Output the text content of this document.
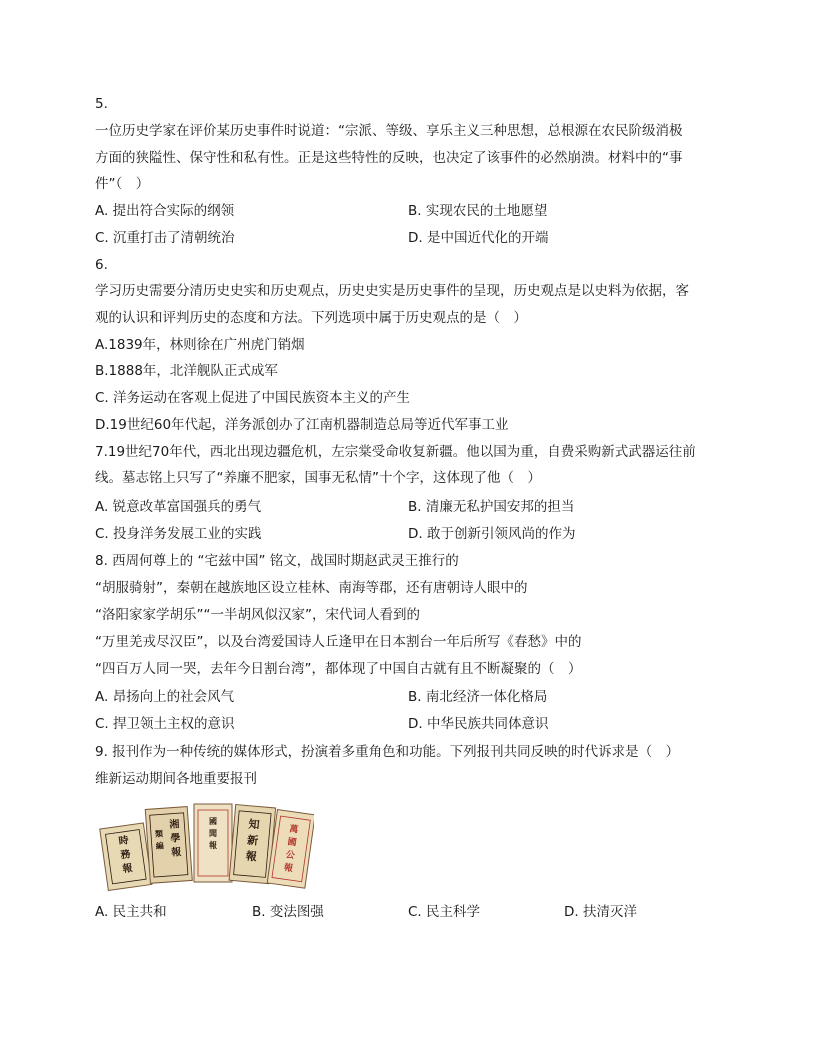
5.
一位历史学家在评价某历史事件时说道：“宗派、等级、享乐主义三种思想，总根源在农民阶级消极
方面的狭隘性、保守性和私有性。正是这些特性的反映，也决定了该事件的必然崩溃。材料中的“事
件”（　）
A. 提出符合实际的纲领	B. 实现农民的土地愿望
C. 沉重打击了清朝统治	D. 是中国近代化的开端
6.
学习历史需要分清历史史实和历史观点，历史史实是历史事件的呈现，历史观点是以史料为依据，客
观的认识和评判历史的态度和方法。下列选项中属于历史观点的是（　）
A.1839年，林则徐在广州虎门销烟
B.1888年，北洋舰队正式成军
C. 洋务运动在客观上促进了中国民族资本主义的产生
D.19世纪60年代起，洋务派创办了江南机器制造总局等近代军事工业
7.19世纪70年代，西北出现边疆危机，左宗棠受命收复新疆。他以国为重，自费采购新式武器运往前
线。墓志铭上只写了“养廉不肥家，国事无私情”十个字，这体现了他（　）
A. 锐意改革富国强兵的勇气	B. 清廉无私护国安邦的担当
C. 投身洋务发展工业的实践	D. 敢于创新引领风尚的作为
8. 西周何尊上的 “宅兹中国” 铭文，战国时期赵武灵王推行的
“胡服骑射”，秦朝在越族地区设立桂林、南海等郡，还有唐朝诗人眼中的
“洛阳家家学胡乐”“一半胡风似汉家”，宋代词人看到的
“万里羌戎尽汉臣”，以及台湾爱国诗人丘逢甲在日本割台一年后所写《春愁》中的
“四百万人同一哭，去年今日割台湾”，都体现了中国自古就有且不断凝聚的（　）
A. 昂扬向上的社会风气	B. 南北经济一体化格局
C. 捍卫领土主权的意识	D. 中华民族共同体意识
9. 报刊作为一种传统的媒体形式，扮演着多重角色和功能。下列报刊共同反映的时代诉求是（　）
维新运动期间各地重要报刊
時
務
報
湘
學
報
類
編
國
聞
報
知
新
報
萬
國
公
報
A. 民主共和	B. 变法图强	C. 民主科学	D. 扶清灭洋
